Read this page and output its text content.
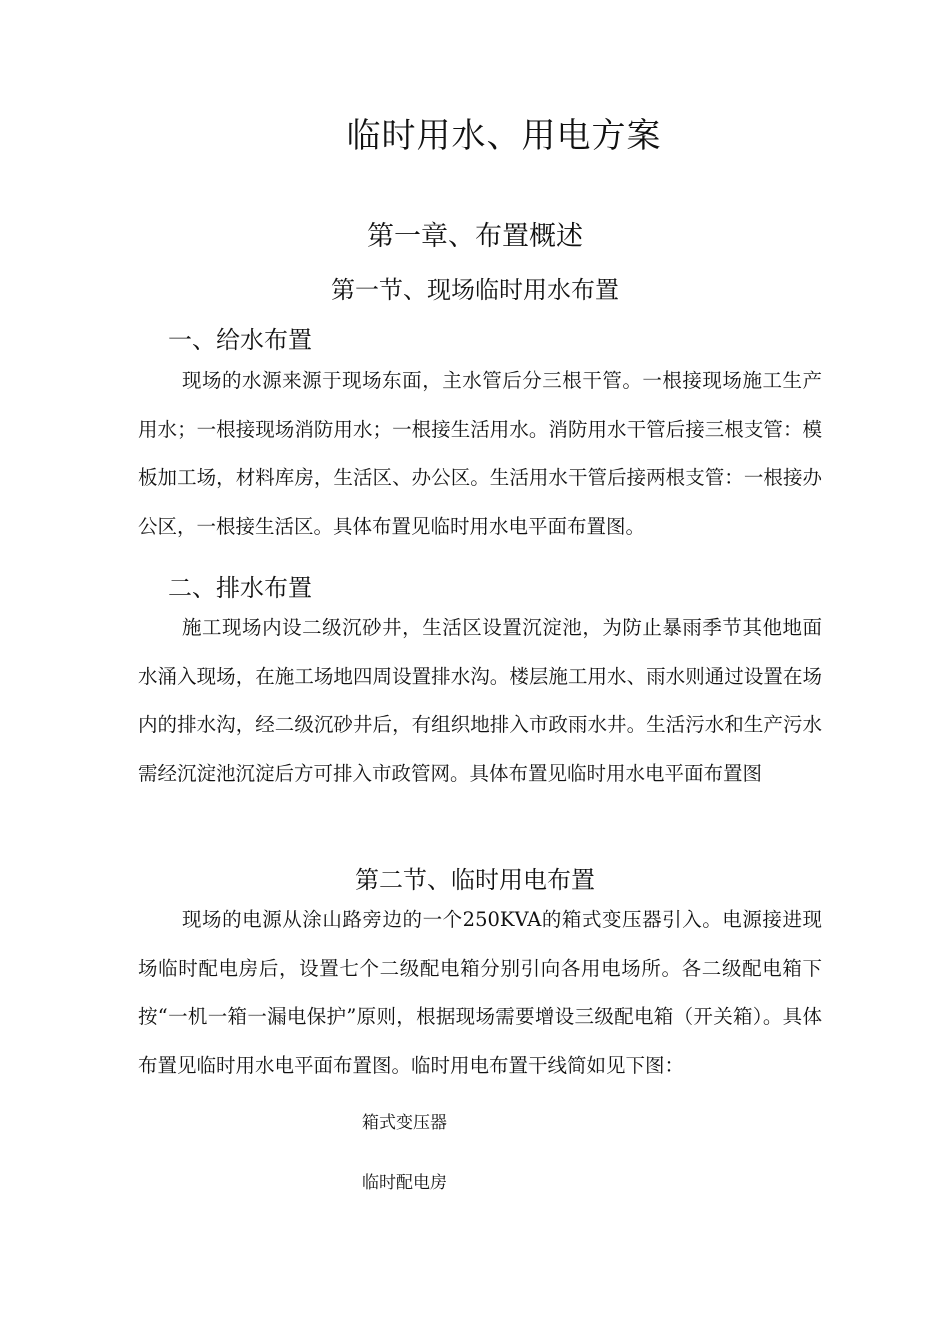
临时用水、用电方案
第一章、布置概述
第一节、现场临时用水布置
一、给水布置

现场的水源来源于现场东面，主水管后分三根干管。一根接现场施工生产用水；一根接现场消防用水；一根接生活用水。消防用水干管后接三根支管：模板加工场，材料库房，生活区、办公区。生活用水干管后接两根支管：一根接办公区，一根接生活区。具体布置见临时用水电平面布置图。

二、排水布置

施工现场内设二级沉砂井，生活区设置沉淀池，为防止暴雨季节其他地面水涌入现场，在施工场地四周设置排水沟。楼层施工用水、雨水则通过设置在场内的排水沟，经二级沉砂井后，有组织地排入市政雨水井。生活污水和生产污水需经沉淀池沉淀后方可排入市政管网。具体布置见临时用水电平面布置图

第二节、临时用电布置

现场的电源从涂山路旁边的一个250KVA的箱式变压器引入。电源接进现场临时配电房后，设置七个二级配电箱分别引向各用电场所。各二级配电箱下按“一机一箱一漏电保护”原则，根据现场需要增设三级配电箱（开关箱）。具体布置见临时用水电平面布置图。临时用电布置干线简如见下图：

箱式变压器
临时配电房
